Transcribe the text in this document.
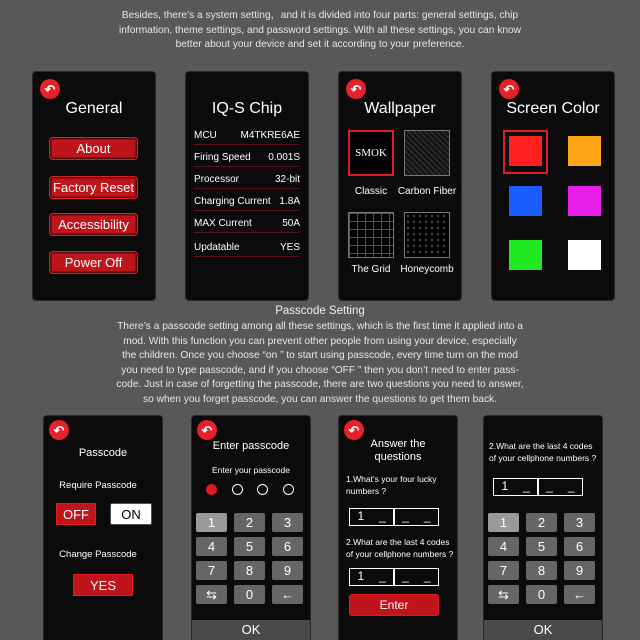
Besides, there’s a system setting，and it is divided into four parts: general settings, chip
information, theme settings, and password settings. With all these settings, you can know
better about your device and set it according to your preference.
↶
General
About
Factory Reset
Accessibility
Power Off
IQ-S Chip
MCU M4TKRE6AE
Firing Speed 0.001S
Processor	32-bit
Charging Current 1.8A
MAX Current	50A
Updatable	YES
↶
Wallpaper
SMOK
Classic	Carbon Fiber
The Grid Honeycomb
↶
Screen Color
Passcode Setting
There’s a passcode setting among all these settings, which is the first time it applied into a
mod. With this function you can prevent other people from using your device, especially
the children. Once you choose “on ” to start using passcode, every time turn on the mod
you need to type passcode, and if you choose “OFF ” then you don’t need to enter pass-
code. Just in case of forgetting the passcode, there are two questions you need to answer,
so when you forget passcode, you can answer the questions to get them back.
↶
Passcode
Require Passcode
OFF	ON
Change Passcode
YES
↶
Enter passcode
Enter your passcode
1	2	3
4	5	6
7	8	9
⇆	0	←
OK
↶
Answer the
questions
1.What’s your four lucky
numbers ?
1	_	_	_
2.What are the last 4 codes
of your cellphone numbers ?
1	_	_	_
Enter
2.What are the last 4 codes
of your cellphone numbers ?
1	_	_	_
1	2	3
4	5	6
7	8	9
⇆	0	←
OK
